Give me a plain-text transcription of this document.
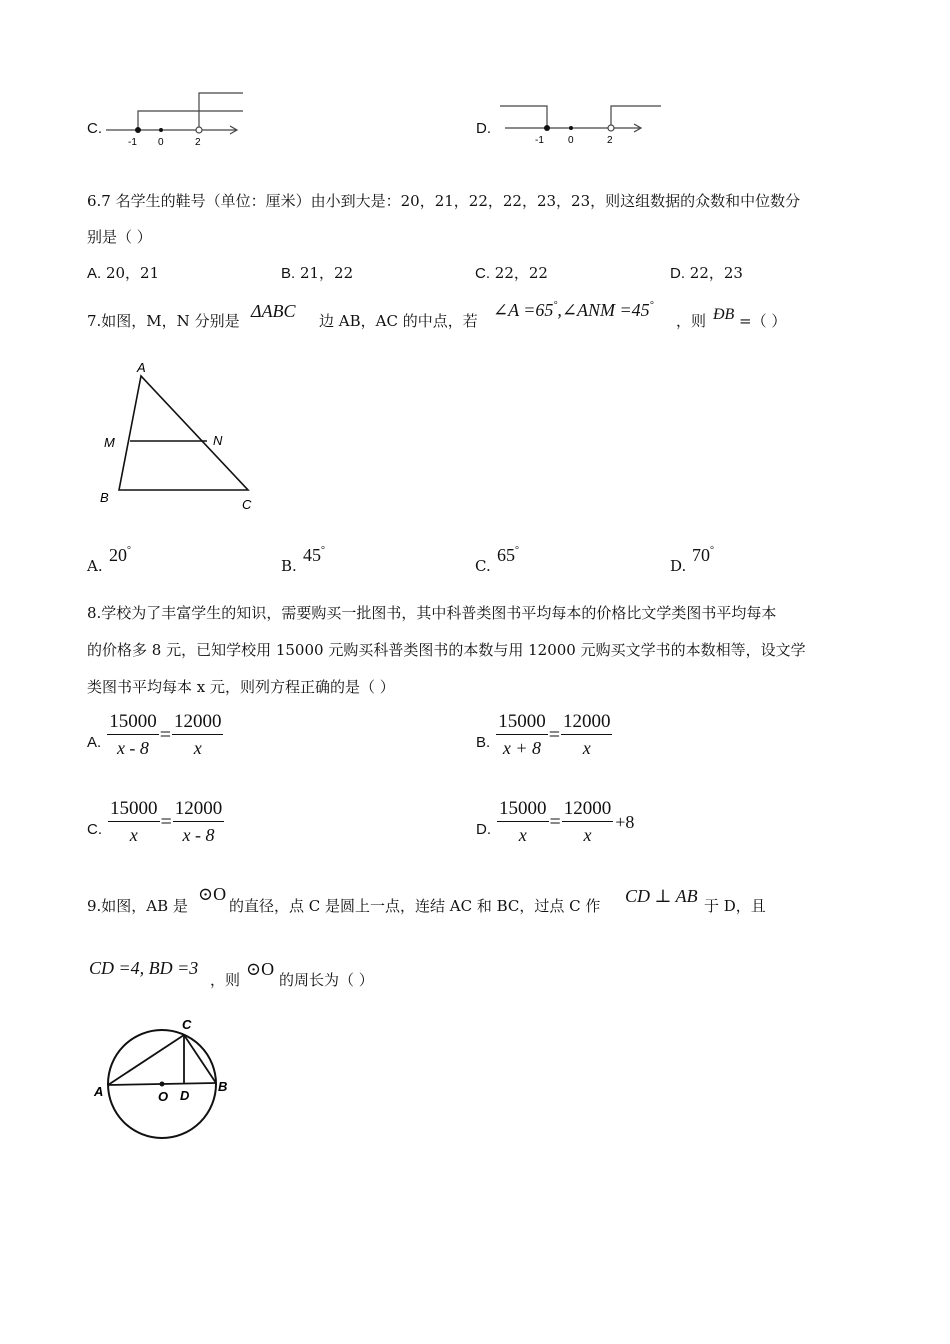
C.
-1 0	2
D.
-1 0	2
6.7 名学生的鞋号（单位：厘米）由小到大是：20，21，22，22，23，23，则这组数据的众数和中位数分
别是（ ）
A. 20，21	B. 21，22	C. 22，22	D. 22，23
7.如图，M，N 分别是 ΔABC 边 AB，AC 的中点，若
∠A =65°,∠ANM =45°
，则 ÐB =（ ）
A
M	N
B	C
A.
20°
B.
45°
C.
65°
D.
70°
8.学校为了丰富学生的知识，需要购买一批图书，其中科普类图书平均每本的价格比文学类图书平均每本
的价格多 8 元，已知学校用 15000 元购买科普类图书的本数与用 12000 元购买文学书的本数相等，设文学
类图书平均每本 x 元，则列方程正确的是（ ）
A. $\frac{15000}{x - 8} = \frac{12000}{x}$	B. $\frac{15000}{x + 8} = \frac{12000}{x}$
C. $\frac{15000}{x} = \frac{12000}{x - 8}$	D. $\frac{15000}{x} = \frac{12000}{x} +8$
9.如图，AB 是
⊙O
的直径，点 C 是圆上一点，连结 AC 和 BC，过点 C 作 CD ⊥ AB 于 D，且
CD =4, BD =3
，则
⊙O
的周长为（ ）
C
A	B
O D
